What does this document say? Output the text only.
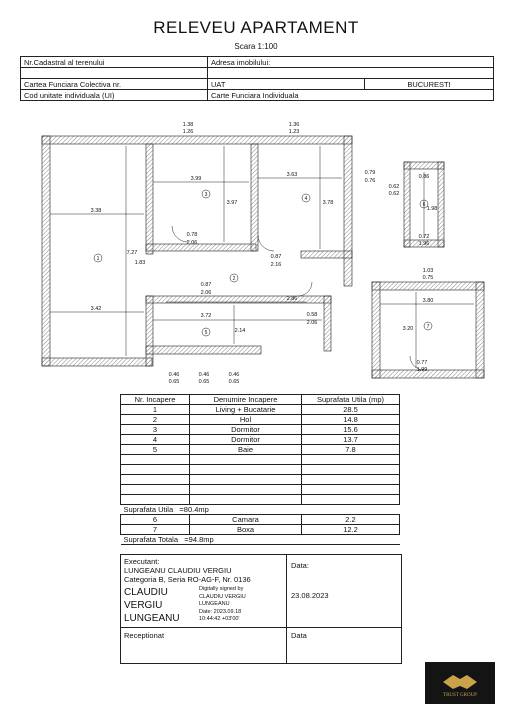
RELEVEU APARTAMENT
Scara 1:100
Nr.Cadastral al terenului	Adresa imobilului:	

Cartea Funciara Colectiva nr.	UAT	BUCURESTI
Cod unitate individuala (UI)	Carte Funciara Individuala	
1.38
1.26
1.36
1.23
3.99
3.97
3.63
3.78
0.79
0.76
3.38
7.27
0.78
2.06
0.87
2.16
1.83
0.87
2.06
2.86
3.72
2.14
0.58
2.06
3.42
0.46
0.65
0.46
0.65
0.46
0.65
0.86
0.62
0.62
1.98
0.72
1.96
1.03
0.75
3.80
3.20
0.77
1.99
1
2
3
4
5
6
7
Nr. Incapere	Denumire Incapere	Suprafata Utila (mp)
1	Living + Bucatarie	28.5
2	Hol	14.8
3	Dormitor	15.6
4	Dormitor	13.7
5	Baie	7.8

Suprafata Utila =80.4mp		
6	Camara	2.2
7	Boxa	12.2
Suprafata Totala =94.8mp		
Executant:
LUNGEANU CLAUDIU VERGIU
Categoria B, Seria RO-AG-F, Nr. 0136
CLAUDIU
VERGIU
LUNGEANU
Digitally signed by
CLAUDIU VERGIU
LUNGEANU
Date: 2023.09.18
10:44:42 +03'00'
Data:
23.08.2023
Receptionat	Data
TRUST GROUP
